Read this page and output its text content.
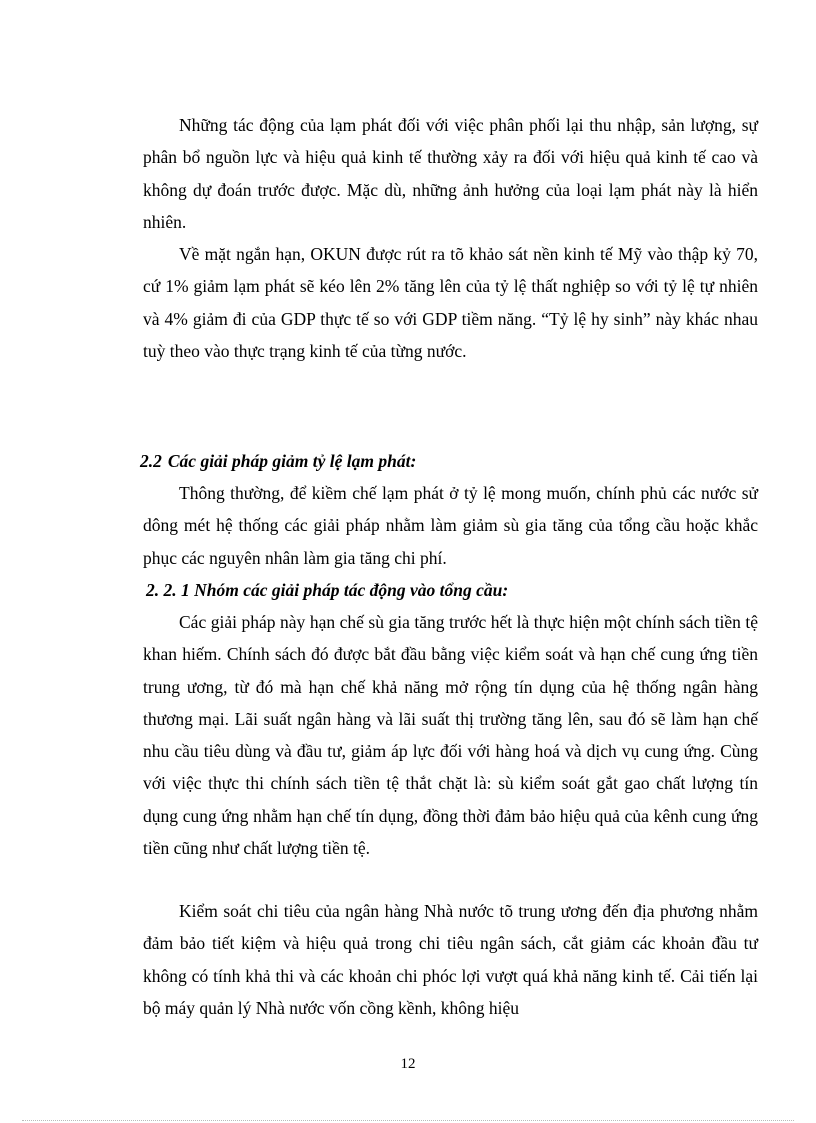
Những tác động của lạm phát đối với việc phân phối lại thu nhập, sản lượng, sự phân bổ nguồn lực và hiệu quả kinh tế thường xảy ra đối với hiệu quả kinh tế cao và không dự đoán trước được. Mặc dù, những ảnh hưởng của loại lạm phát này là hiển nhiên.

Về mặt ngắn hạn, OKUN được rút ra tõ khảo sát nền kinh tế Mỹ vào thập kỷ 70, cứ 1% giảm lạm phát sẽ kéo lên 2% tăng lên của tỷ lệ thất nghiệp so với tỷ lệ tự nhiên và 4% giảm đi của GDP thực tế so với GDP tiềm năng. “Tỷ lệ hy sinh” này khác nhau tuỳ theo vào thực trạng kinh tế của từng nước.

2.2 Các giải pháp giảm tỷ lệ lạm phát:

Thông thường, để kiềm chế lạm phát ở tỷ lệ mong muốn, chính phủ các nước sử dông mét hệ thống các giải pháp nhằm làm giảm sù gia tăng của tổng cầu hoặc khắc phục các nguyên nhân làm gia tăng chi phí.

2. 2. 1 Nhóm các giải pháp tác động vào tổng cầu:

Các giải pháp này hạn chế sù gia tăng trước hết là thực hiện một chính sách tiền tệ khan hiếm. Chính sách đó được bắt đầu bằng việc kiểm soát và hạn chế cung ứng tiền trung ương, từ đó mà hạn chế khả năng mở rộng tín dụng của hệ thống ngân hàng thương mại. Lãi suất ngân hàng và lãi suất thị trường tăng lên, sau đó sẽ làm hạn chế nhu cầu tiêu dùng và đầu tư, giảm áp lực đối với hàng hoá và dịch vụ cung ứng. Cùng với việc thực thi chính sách tiền tệ thắt chặt là: sù kiểm soát gắt gao chất lượng tín dụng cung ứng nhằm hạn chế tín dụng, đồng thời đảm bảo hiệu quả của kênh cung ứng tiền cũng như chất lượng tiền tệ.

Kiểm soát chi tiêu của ngân hàng Nhà nước tõ trung ương đến địa phương nhằm đảm bảo tiết kiệm và hiệu quả trong chi tiêu ngân sách, cắt giảm các khoản đầu tư không có tính khả thi và các khoản chi phóc lợi vượt quá khả năng kinh tế. Cải tiến lại bộ máy quản lý Nhà nước vốn cồng kềnh, không hiệu

12
